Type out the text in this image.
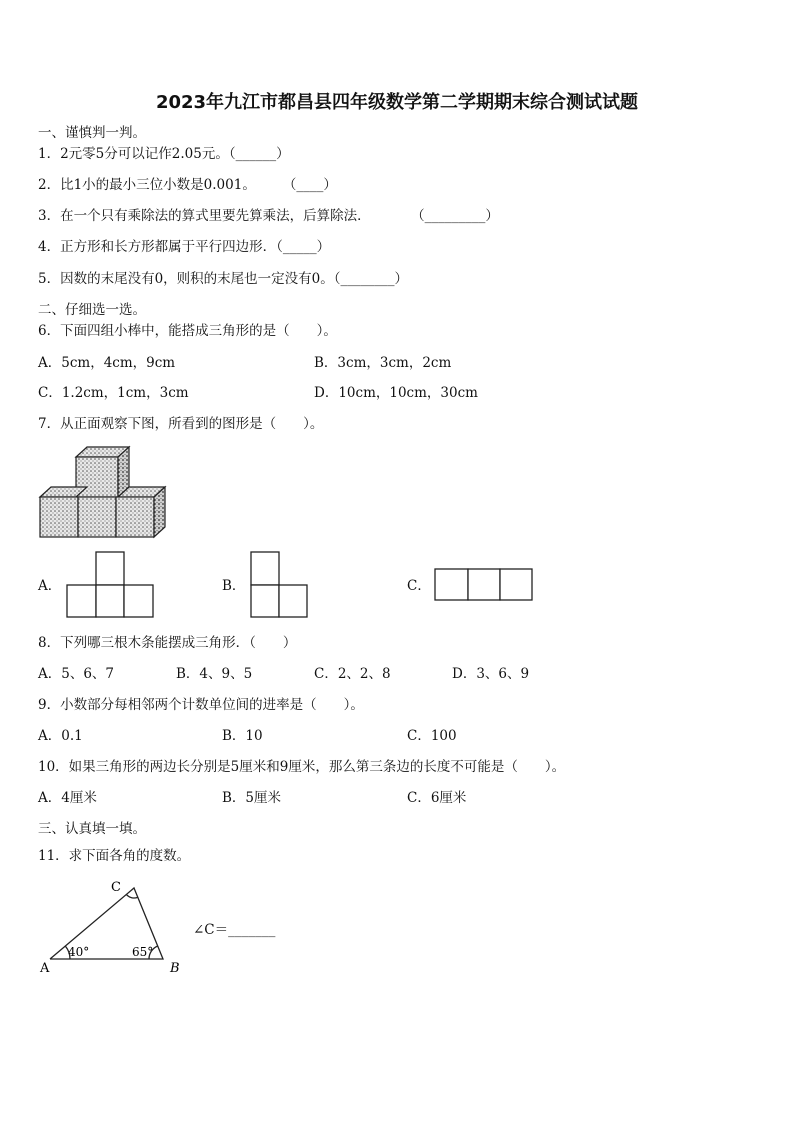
2023年九江市都昌县四年级数学第二学期期末综合测试试题
一、谨慎判一判。
1．2元零5分可以记作2.05元。（______）
2．比1小的最小三位小数是0.001。　　　（____）
3．在一个只有乘除法的算式里要先算乘法，后算除法．　　　　（_________）
4．正方形和长方形都属于平行四边形．（_____）
5．因数的末尾没有0，则积的末尾也一定没有0。（________）
二、仔细选一选。
6．下面四组小棒中，能搭成三角形的是（　　）。
A．5cm，4cm，9cm	B．3cm，3cm，2cm
C．1.2cm，1cm，3cm	D．10cm，10cm，30cm
7．从正面观察下图，所看到的图形是（　　）。
A．	B．	C．
8．下列哪三根木条能摆成三角形．（　　）
A．5、6、7	B．4、9、5	C．2、2、8	D．3、6、9
9．小数部分每相邻两个计数单位间的进率是（　　）。
A．0.1	B．10	C．100
10．如果三角形的两边长分别是5厘米和9厘米，那么第三条边的长度不可能是（　　）。
A．4厘米	B．5厘米	C．6厘米
三、认真填一填。
11．求下面各角的度数。
40°	65°
A	B
C
∠C＝_______
